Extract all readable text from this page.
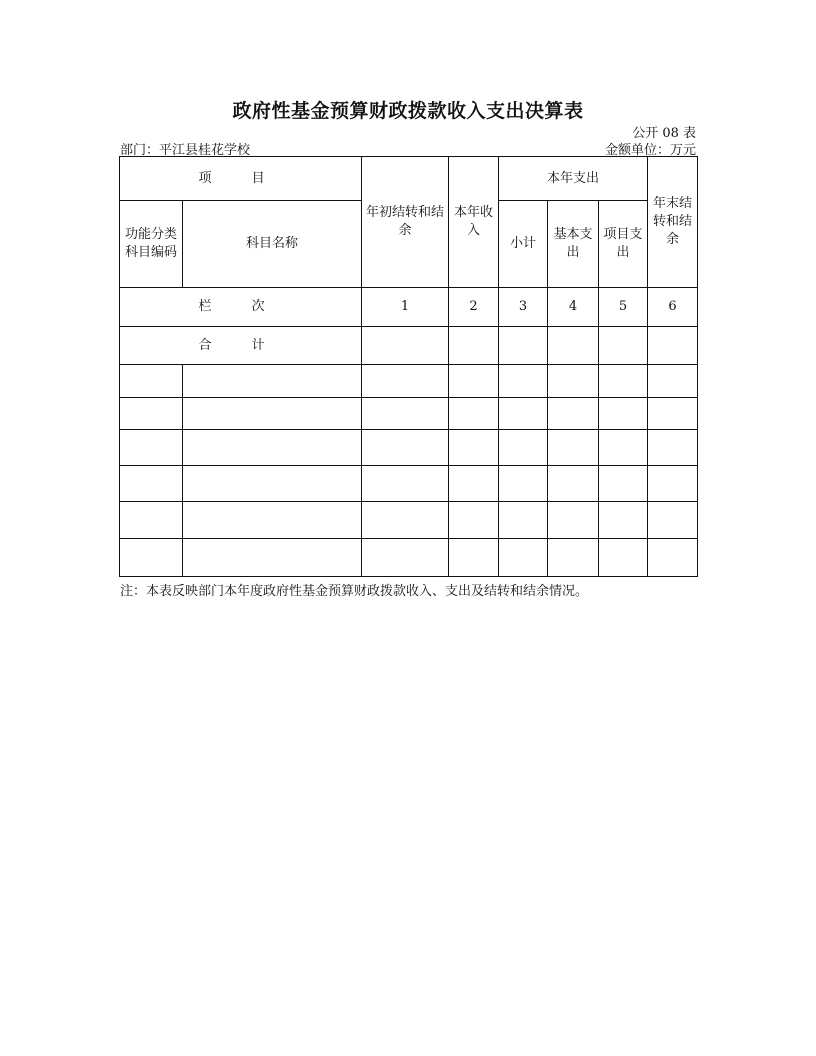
政府性基金预算财政拨款收入支出决算表
公开 08 表
部门：平江县桂花学校	金额单位：万元
项 目		年初结转和结余	本年收入	本年支出			年末结转和结余
功能分类科目编码	科目名称			小计	基本支出	项目支出	
栏 次		1	2	3	4	5	6
合 计							

注：本表反映部门本年度政府性基金预算财政拨款收入、支出及结转和结余情况。
